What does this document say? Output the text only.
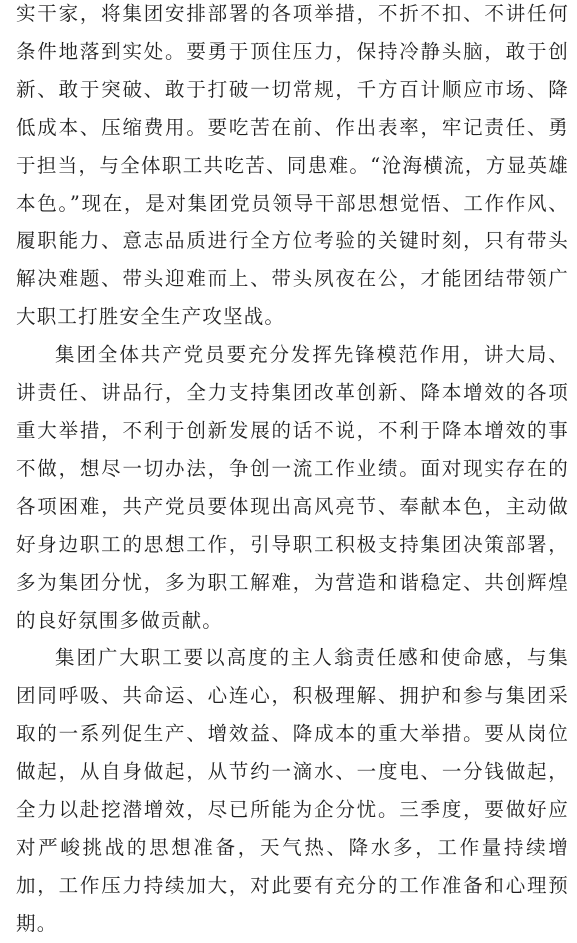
实干家，将集团安排部署的各项举措，不折不扣、不讲任何条件地落到实处。要勇于顶住压力，保持冷静头脑，敢于创新、敢于突破、敢于打破一切常规，千方百计顺应市场、降低成本、压缩费用。要吃苦在前、作出表率，牢记责任、勇于担当，与全体职工共吃苦、同患难。“沧海横流，方显英雄本色。”现在，是对集团党员领导干部思想觉悟、工作作风、履职能力、意志品质进行全方位考验的关键时刻，只有带头解决难题、带头迎难而上、带头夙夜在公，才能团结带领广大职工打胜安全生产攻坚战。

集团全体共产党员要充分发挥先锋模范作用，讲大局、讲责任、讲品行，全力支持集团改革创新、降本增效的各项重大举措，不利于创新发展的话不说，不利于降本增效的事不做，想尽一切办法，争创一流工作业绩。面对现实存在的各项困难，共产党员要体现出高风亮节、奉献本色，主动做好身边职工的思想工作，引导职工积极支持集团决策部署，多为集团分忧，多为职工解难，为营造和谐稳定、共创辉煌的良好氛围多做贡献。

集团广大职工要以高度的主人翁责任感和使命感，与集团同呼吸、共命运、心连心，积极理解、拥护和参与集团采取的一系列促生产、增效益、降成本的重大举措。要从岗位做起，从自身做起，从节约一滴水、一度电、一分钱做起，全力以赴挖潜增效，尽已所能为企分忧。三季度，要做好应对严峻挑战的思想准备，天气热、降水多，工作量持续增加，工作压力持续加大，对此要有充分的工作准备和心理预期。
